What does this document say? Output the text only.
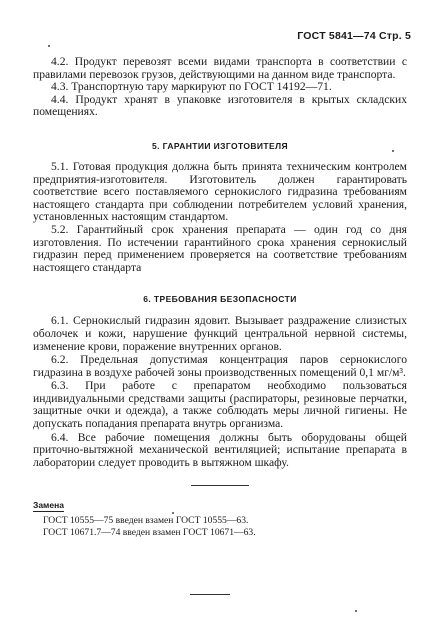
ГОСТ 5841—74 Стр. 5

4.2. Продукт перевозят всеми видами транспорта в соответствии с правилами перевозок грузов, действующими на данном виде транспорта.

4.3. Транспортную тару маркируют по ГОСТ 14192—71.

4.4. Продукт хранят в упаковке изготовителя в крытых складских помещениях.

5. ГАРАНТИИ ИЗГОТОВИТЕЛЯ

5.1. Готовая продукция должна быть принята техническим контролем предприятия-изготовителя. Изготовитель должен гарантировать соответствие всего поставляемого сернокислого гидразина требованиям настоящего стандарта при соблюдении потребителем условий хранения, установленных настоящим стандартом.

5.2. Гарантийный срок хранения препарата — один год со дня изготовления. По истечении гарантийного срока хранения сернокислый гидразин перед применением проверяется на соответствие требованиям настоящего стандарта

6. ТРЕБОВАНИЯ БЕЗОПАСНОСТИ

6.1. Сернокислый гидразин ядовит. Вызывает раздражение слизистых оболочек и кожи, нарушение функций центральной нервной системы, изменение крови, поражение внутренних органов.

6.2. Предельная допустимая концентрация паров сернокислого гидразина в воздухе рабочей зоны производственных помещений 0,1 мг/м³.

6.3. При работе с препаратом необходимо пользоваться индивидуальными средствами защиты (распираторы, резиновые перчатки, защитные очки и одежда), а также соблюдать меры личной гигиены. Не допускать попадания препарата внутрь организма.

6.4. Все рабочие помещения должны быть оборудованы общей приточно-вытяжной механической вентиляцией; испытание препарата в лаборатории следует проводить в вытяжном шкафу.

Замена

ГОСТ 10555—75 введен взамен ГОСТ 10555—63.

ГОСТ 10671.7—74 введен взамен ГОСТ 10671—63.
